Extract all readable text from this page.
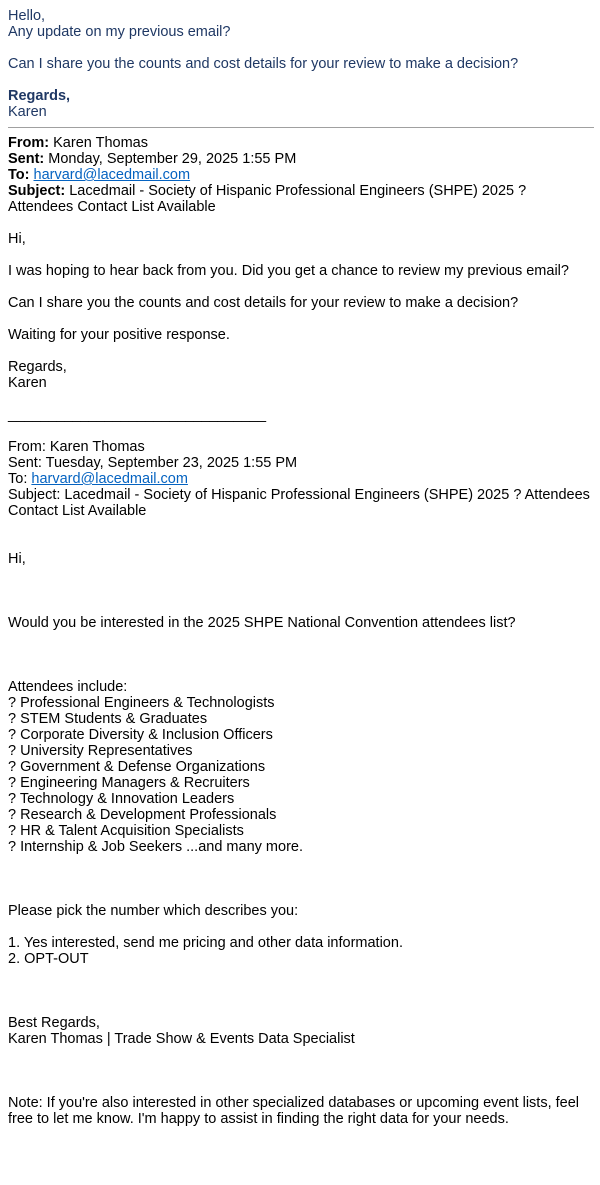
Hello,
Any update on my previous email?
Can I share you the counts and cost details for your review to make a decision?
Regards,
Karen
From: Karen Thomas
Sent: Monday, September 29, 2025 1:55 PM
To: harvard@lacedmail.com
Subject: Lacedmail - Society of Hispanic Professional Engineers (SHPE) 2025 ? Attendees Contact List Available
Hi,
I was hoping to hear back from you. Did you get a chance to review my previous email?
Can I share you the counts and cost details for your review to make a decision?
Waiting for your positive response.
Regards,
Karen
________________________________
From: Karen Thomas
Sent: Tuesday, September 23, 2025 1:55 PM
To: harvard@lacedmail.com
Subject: Lacedmail - Society of Hispanic Professional Engineers (SHPE) 2025 ? Attendees Contact List Available
Hi,
Would you be interested in the 2025 SHPE National Convention attendees list?
Attendees include:
? Professional Engineers & Technologists
? STEM Students & Graduates
? Corporate Diversity & Inclusion Officers
? University Representatives
? Government & Defense Organizations
? Engineering Managers & Recruiters
? Technology & Innovation Leaders
? Research & Development Professionals
? HR & Talent Acquisition Specialists
? Internship & Job Seekers ...and many more.
Please pick the number which describes you:
1. Yes interested, send me pricing and other data information.
2. OPT-OUT
Best Regards,
Karen Thomas | Trade Show & Events Data Specialist
Note: If you're also interested in other specialized databases or upcoming event lists, feel free to let me know. I'm happy to assist in finding the right data for your needs.
